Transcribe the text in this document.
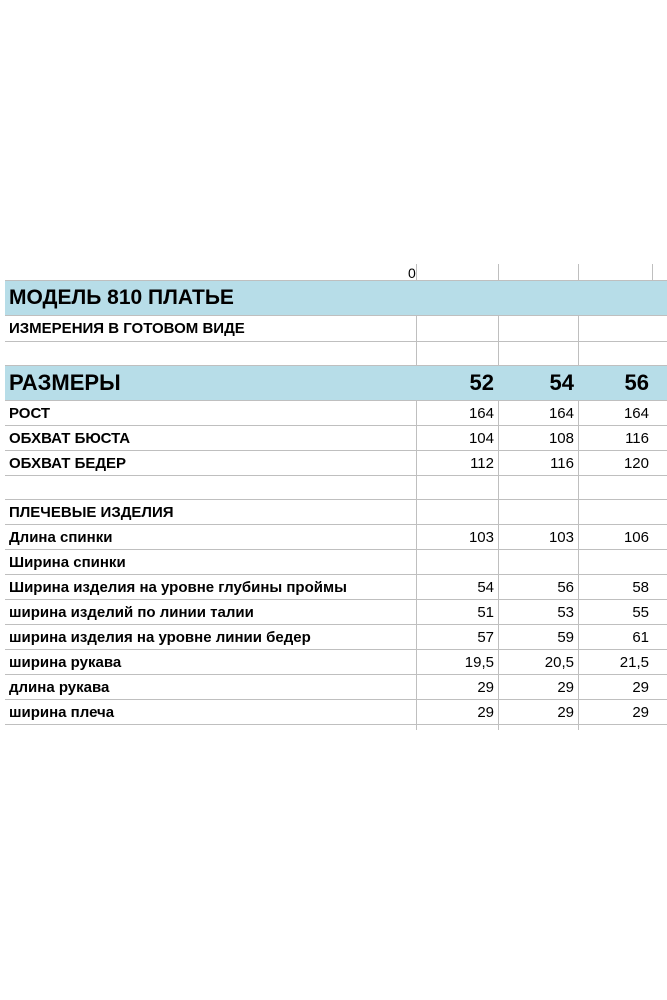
0
МОДЕЛЬ 810 ПЛАТЬЕ
ИЗМЕРЕНИЯ В ГОТОВОМ ВИДЕ
РАЗМЕРЫ	52	54	56
РОСТ	164	164	164
ОБХВАТ БЮСТА	104	108	116
ОБХВАТ БЕДЕР	112	116	120
ПЛЕЧЕВЫЕ ИЗДЕЛИЯ
Длина спинки	103	103	106
Ширина спинки
Ширина изделия на уровне глубины проймы	54	56	58
ширина изделий по линии талии	51	53	55
ширина изделия на уровне линии бедер	57	59	61
ширина рукава	19,5	20,5	21,5
длина рукава	29	29	29
ширина плеча	29	29	29
